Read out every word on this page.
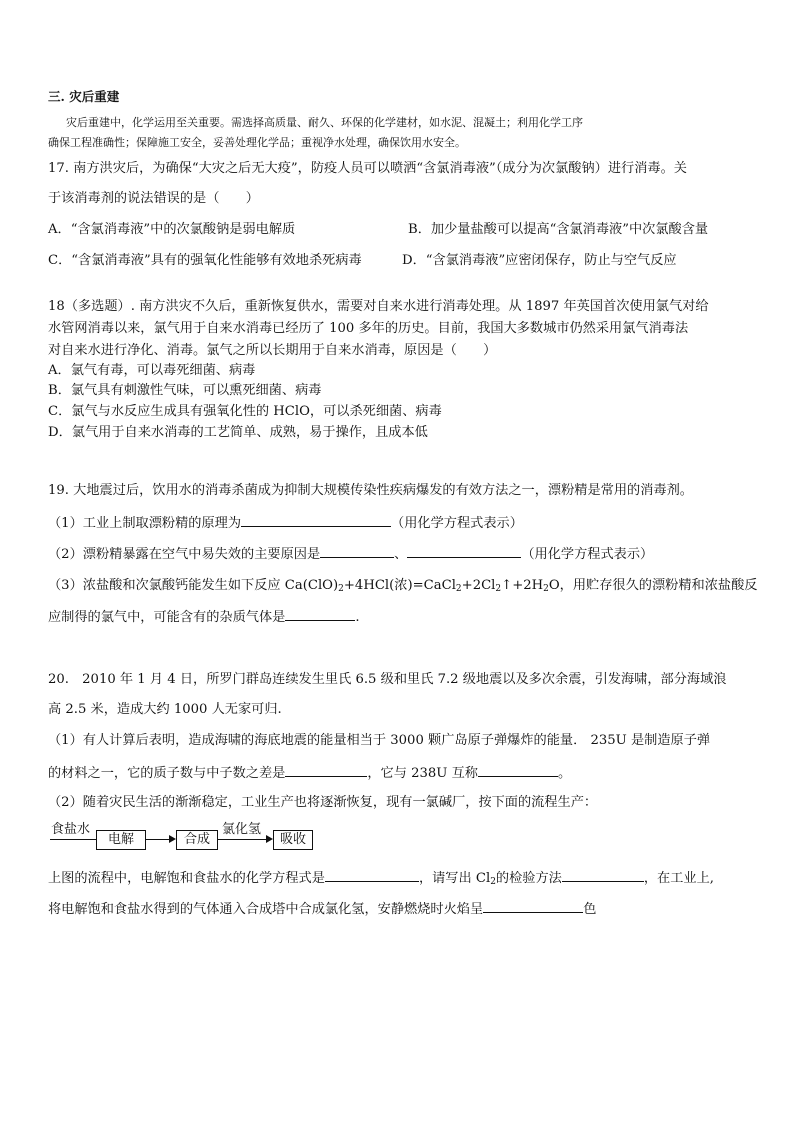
三. 灾后重建
灾后重建中，化学运用至关重要。需选择高质量、耐久、环保的化学建材，如水泥、混凝土；利用化学工序
确保工程准确性；保障施工安全，妥善处理化学品；重视净水处理，确保饮用水安全。
17. 南方洪灾后，为确保“大灾之后无大疫”，防疫人员可以喷洒“含氯消毒液”（成分为次氯酸钠）进行消毒。关
于该消毒剂的说法错误的是（　　）
A．“含氯消毒液”中的次氯酸钠是弱电解质	B．加少量盐酸可以提高“含氯消毒液”中次氯酸含量
C．“含氯消毒液”具有的强氧化性能够有效地杀死病毒	D．“含氯消毒液”应密闭保存，防止与空气反应
18（多选题）. 南方洪灾不久后，重新恢复供水，需要对自来水进行消毒处理。从 1897 年英国首次使用氯气对给
水管网消毒以来，氯气用于自来水消毒已经历了 100 多年的历史。目前，我国大多数城市仍然采用氯气消毒法
对自来水进行净化、消毒。氯气之所以长期用于自来水消毒，原因是（　　）
A．氯气有毒，可以毒死细菌、病毒
B．氯气具有刺激性气味，可以熏死细菌、病毒
C．氯气与水反应生成具有强氧化性的 HClO，可以杀死细菌、病毒
D．氯气用于自来水消毒的工艺简单、成熟，易于操作，且成本低
19. 大地震过后，饮用水的消毒杀菌成为抑制大规模传染性疾病爆发的有效方法之一，漂粉精是常用的消毒剂。
（1）工业上制取漂粉精的原理为	（用化学方程式表示）
（2）漂粉精暴露在空气中易失效的主要原因是	、	（用化学方程式表示）
（3）浓盐酸和次氯酸钙能发生如下反应 $Ca(ClO)_2+4HCl$(浓)$=CaCl_2+2Cl_2↑+2H_2O$，用贮存很久的漂粉精和浓盐酸反
应制得的氯气中，可能含有的杂质气体是	.
20.　2010 年 1 月 4 日，所罗门群岛连续发生里氏 6.5 级和里氏 7.2 级地震以及多次余震，引发海啸，部分海域浪
高 2.5 米，造成大约 1000 人无家可归.
（1）有人计算后表明，造成海啸的海底地震的能量相当于 3000 颗广岛原子弹爆炸的能量． 235U 是制造原子弹
的材料之一，它的质子数与中子数之差是	，它与 238U 互称	。
（2）随着灾民生活的渐渐稳定，工业生产也将逐渐恢复，现有一氯碱厂，按下面的流程生产：
食盐水
电解	合成
氯化氢
吸收
上图的流程中，电解饱和食盐水的化学方程式是	，请写出 $Cl_2$的检验方法	，在工业上,
将电解饱和食盐水得到的气体通入合成塔中合成氯化氢，安静燃烧时火焰呈	色
